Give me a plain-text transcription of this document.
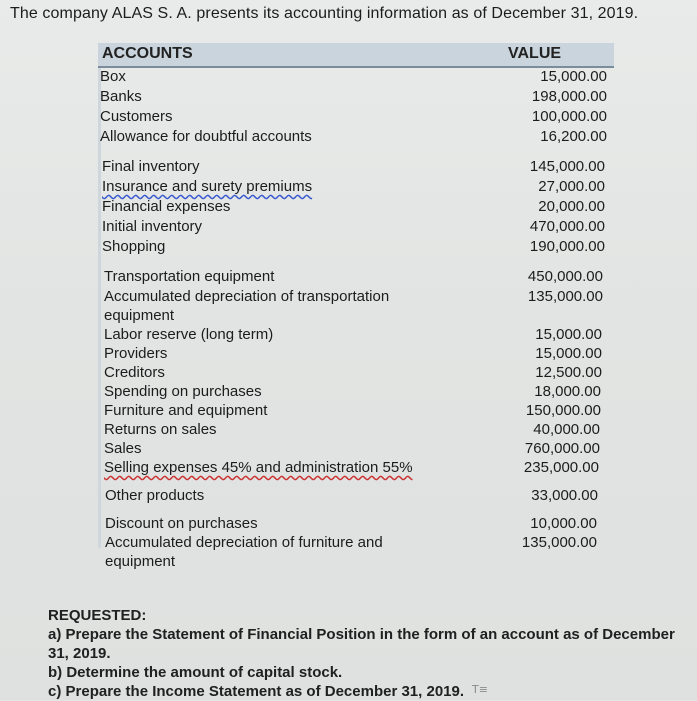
The company ALAS S. A. presents its accounting information as of December 31, 2019.
ACCOUNTS	VALUE
Box	15,000.00
Banks	198,000.00
Customers	100,000.00
Allowance for doubtful accounts	16,200.00
Final inventory	145,000.00
Insurance and surety premiums	27,000.00
Financial expenses	20,000.00
Initial inventory	470,000.00
Shopping	190,000.00
Transportation equipment	450,000.00
Accumulated depreciation of transportation	135,000.00
equipment
Labor reserve (long term)	15,000.00
Providers	15,000.00
Creditors	12,500.00
Spending on purchases	18,000.00
Furniture and equipment	150,000.00
Returns on sales	40,000.00
Sales	760,000.00
Selling expenses 45% and administration 55%	235,000.00
Other products	33,000.00
Discount on purchases	10,000.00
Accumulated depreciation of furniture and	135,000.00
equipment
REQUESTED:
a) Prepare the Statement of Financial Position in the form of an account as of December
31, 2019.
b) Determine the amount of capital stock.
c) Prepare the Income Statement as of December 31, 2019. T≡
